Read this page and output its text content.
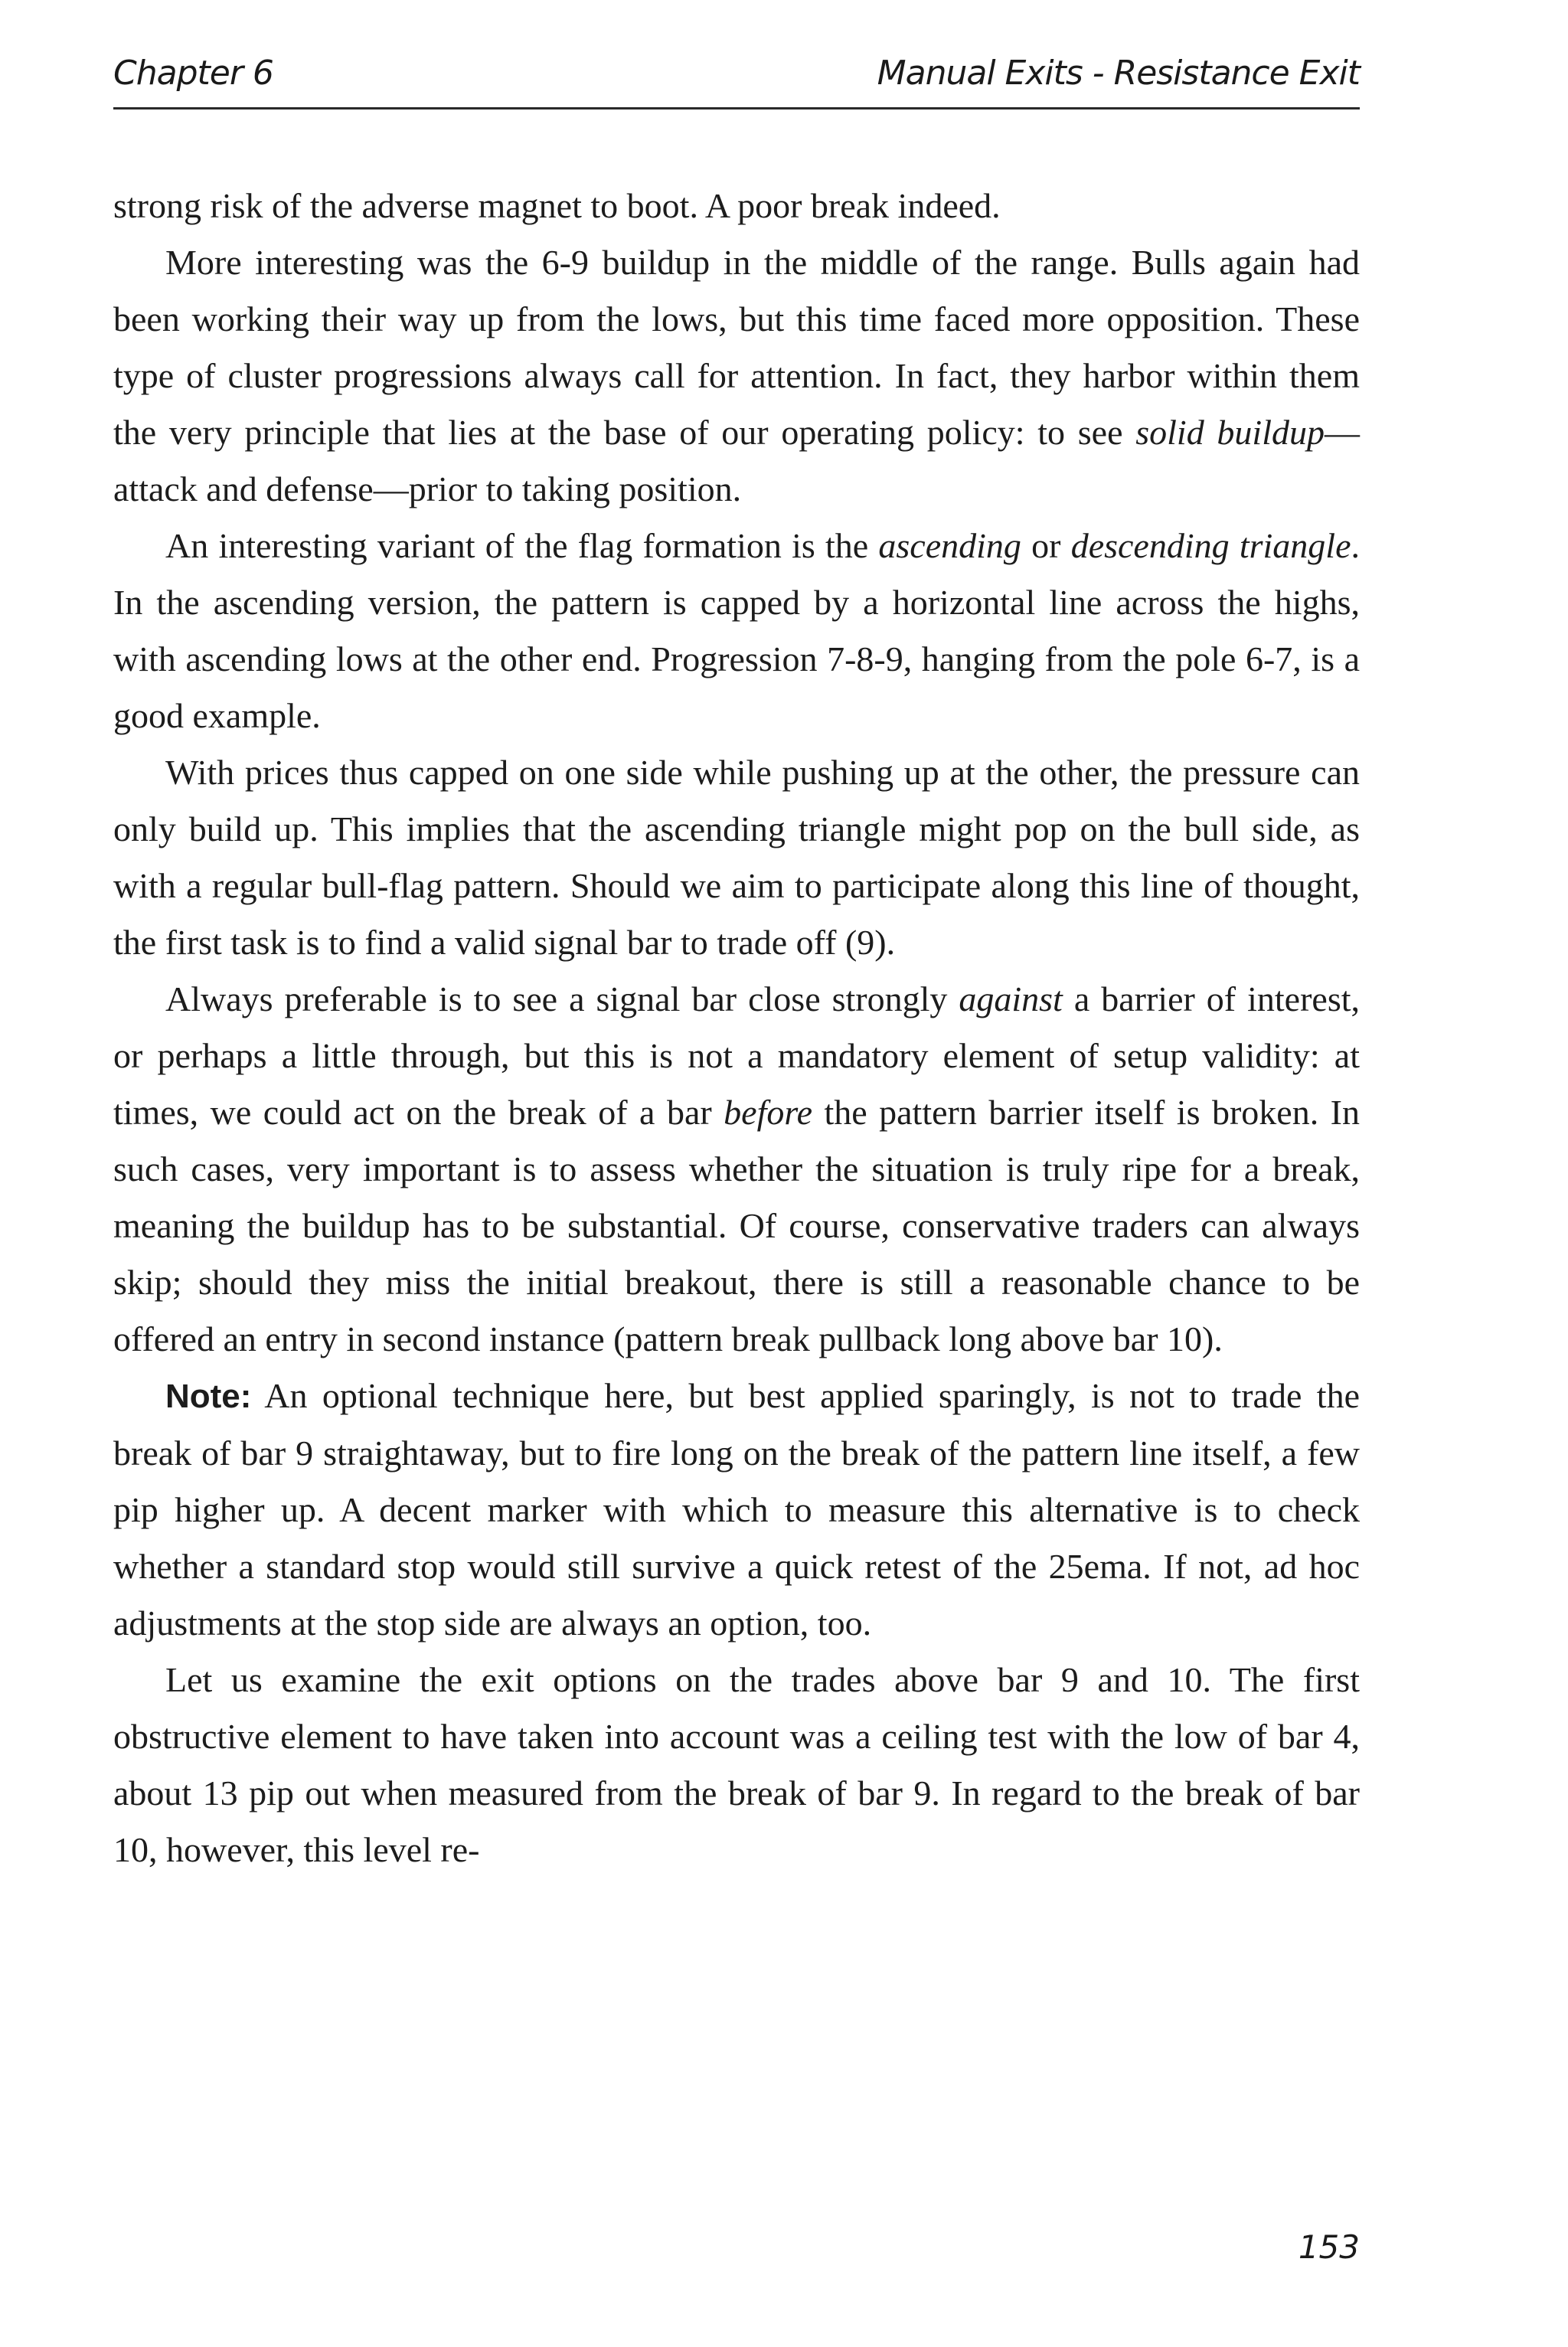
Chapter 6	Manual Exits - Resistance Exit

strong risk of the adverse magnet to boot. A poor break indeed.

More interesting was the 6-9 buildup in the middle of the range. Bulls again had been working their way up from the lows, but this time faced more opposition. These type of cluster progressions always call for attention. In fact, they harbor within them the very principle that lies at the base of our operating policy: to see solid buildup—attack and defense—prior to taking position.

An interesting variant of the flag formation is the ascending or descending triangle. In the ascending version, the pattern is capped by a horizontal line across the highs, with ascending lows at the other end. Progression 7-8-9, hanging from the pole 6-7, is a good example.

With prices thus capped on one side while pushing up at the other, the pressure can only build up. This implies that the ascending triangle might pop on the bull side, as with a regular bull-flag pattern. Should we aim to participate along this line of thought, the first task is to find a valid signal bar to trade off (9).

Always preferable is to see a signal bar close strongly against a barrier of interest, or perhaps a little through, but this is not a mandatory element of setup validity: at times, we could act on the break of a bar before the pattern barrier itself is broken. In such cases, very important is to assess whether the situation is truly ripe for a break, meaning the buildup has to be substantial. Of course, conservative traders can always skip; should they miss the initial breakout, there is still a reasonable chance to be offered an entry in second instance (pattern break pullback long above bar 10).

Note: An optional technique here, but best applied sparingly, is not to trade the break of bar 9 straightaway, but to fire long on the break of the pattern line itself, a few pip higher up. A decent marker with which to measure this alternative is to check whether a standard stop would still survive a quick retest of the 25ema. If not, ad hoc adjustments at the stop side are always an option, too.

Let us examine the exit options on the trades above bar 9 and 10. The first obstructive element to have taken into account was a ceiling test with the low of bar 4, about 13 pip out when measured from the break of bar 9. In regard to the break of bar 10, however, this level re-

153
